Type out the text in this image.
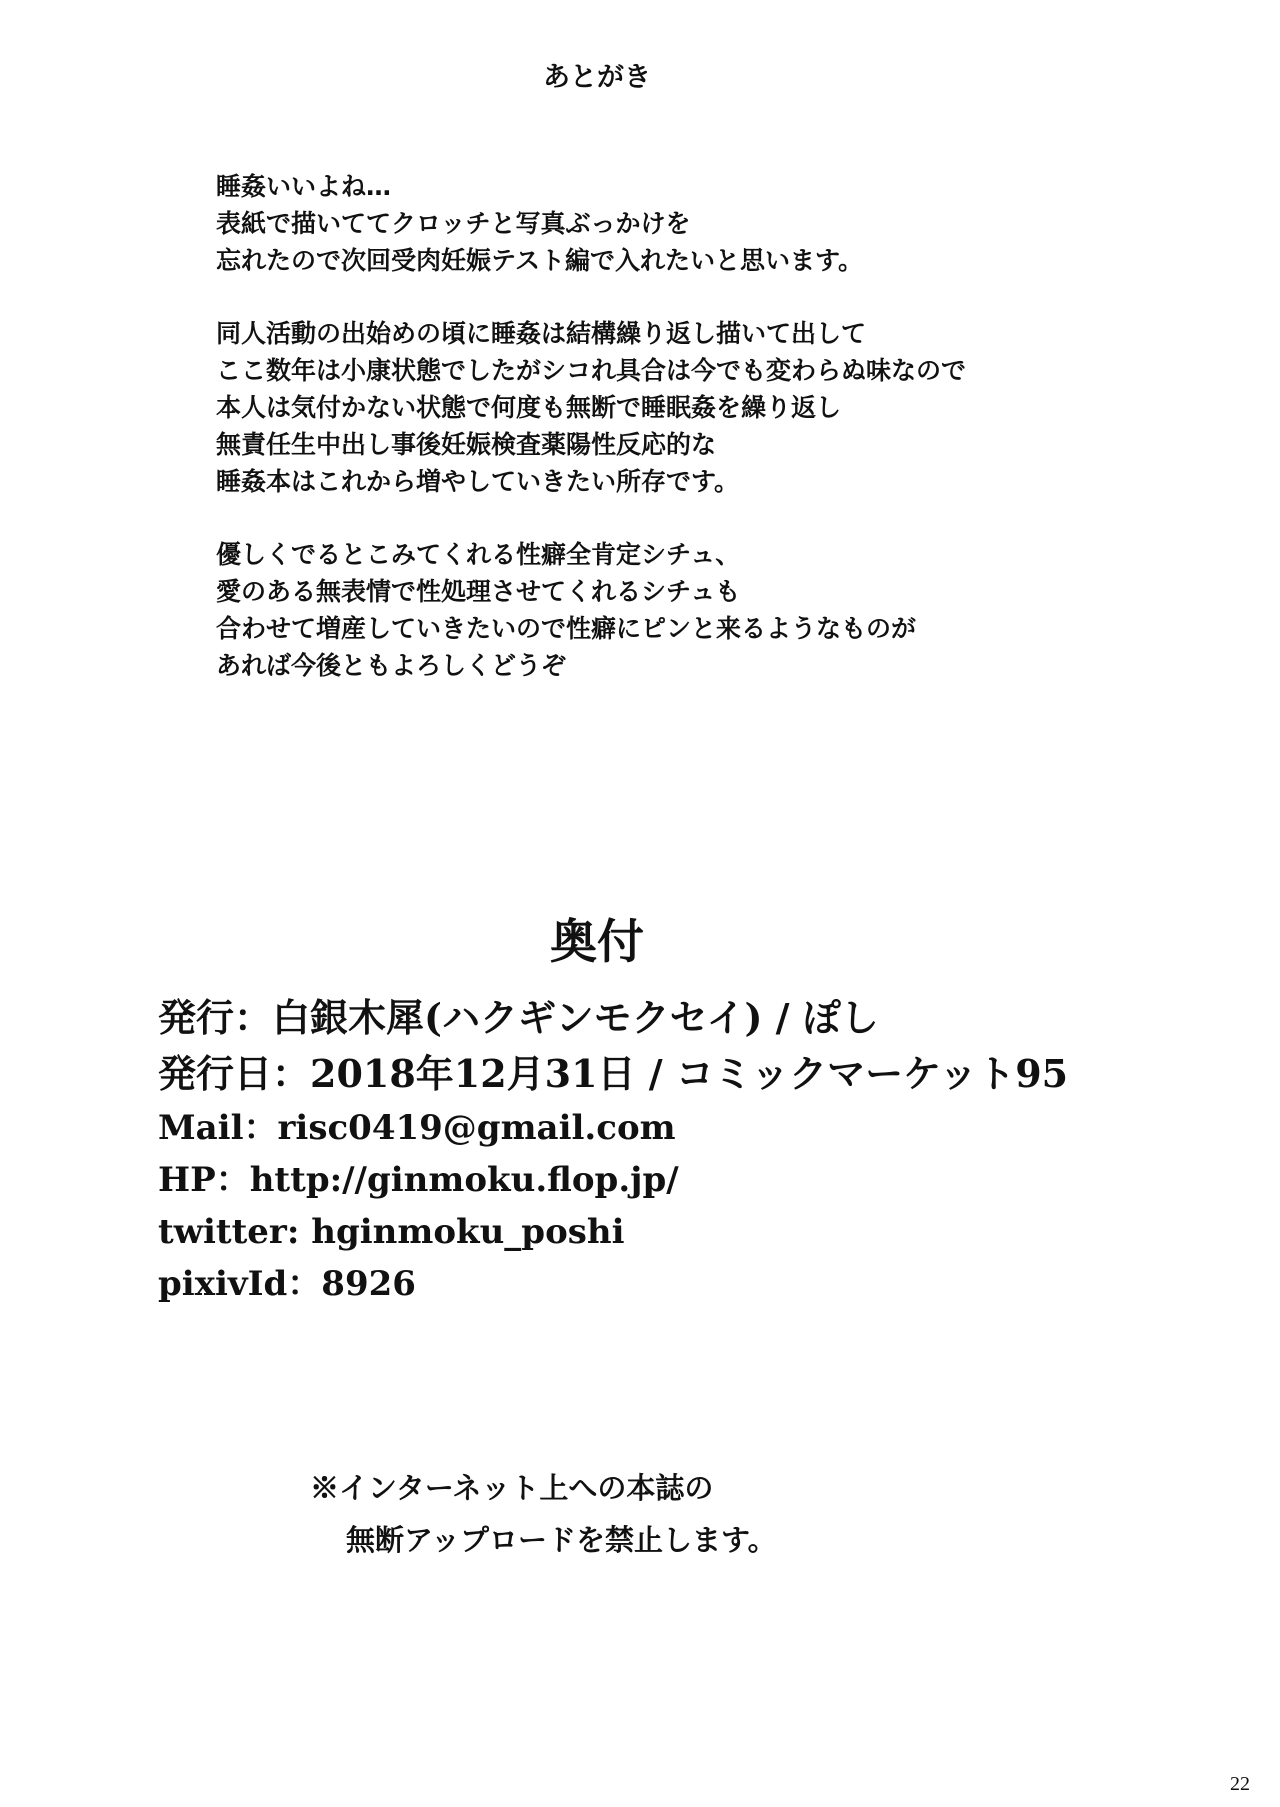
あとがき
睡姦いいよね…
表紙で描いててクロッチと写真ぶっかけを
忘れたので次回受肉妊娠テスト編で入れたいと思います。
同人活動の出始めの頃に睡姦は結構繰り返し描いて出して
ここ数年は小康状態でしたがシコれ具合は今でも変わらぬ味なので
本人は気付かない状態で何度も無断で睡眠姦を繰り返し
無責任生中出し事後妊娠検査薬陽性反応的な
睡姦本はこれから増やしていきたい所存です。
優しくでるとこみてくれる性癖全肯定シチュ、
愛のある無表情で性処理させてくれるシチュも
合わせて増産していきたいので性癖にピンと来るようなものが
あれば今後ともよろしくどうぞ
奥付
発行：白銀木犀(ハクギンモクセイ) / ぽし
発行日：2018年12月31日 / コミックマーケット95
Mail：risc0419@gmail.com
HP：http://ginmoku.flop.jp/
twitter: hginmoku_poshi
pixivId：8926
※インターネット上への本誌の
無断アップロードを禁止します。
22
